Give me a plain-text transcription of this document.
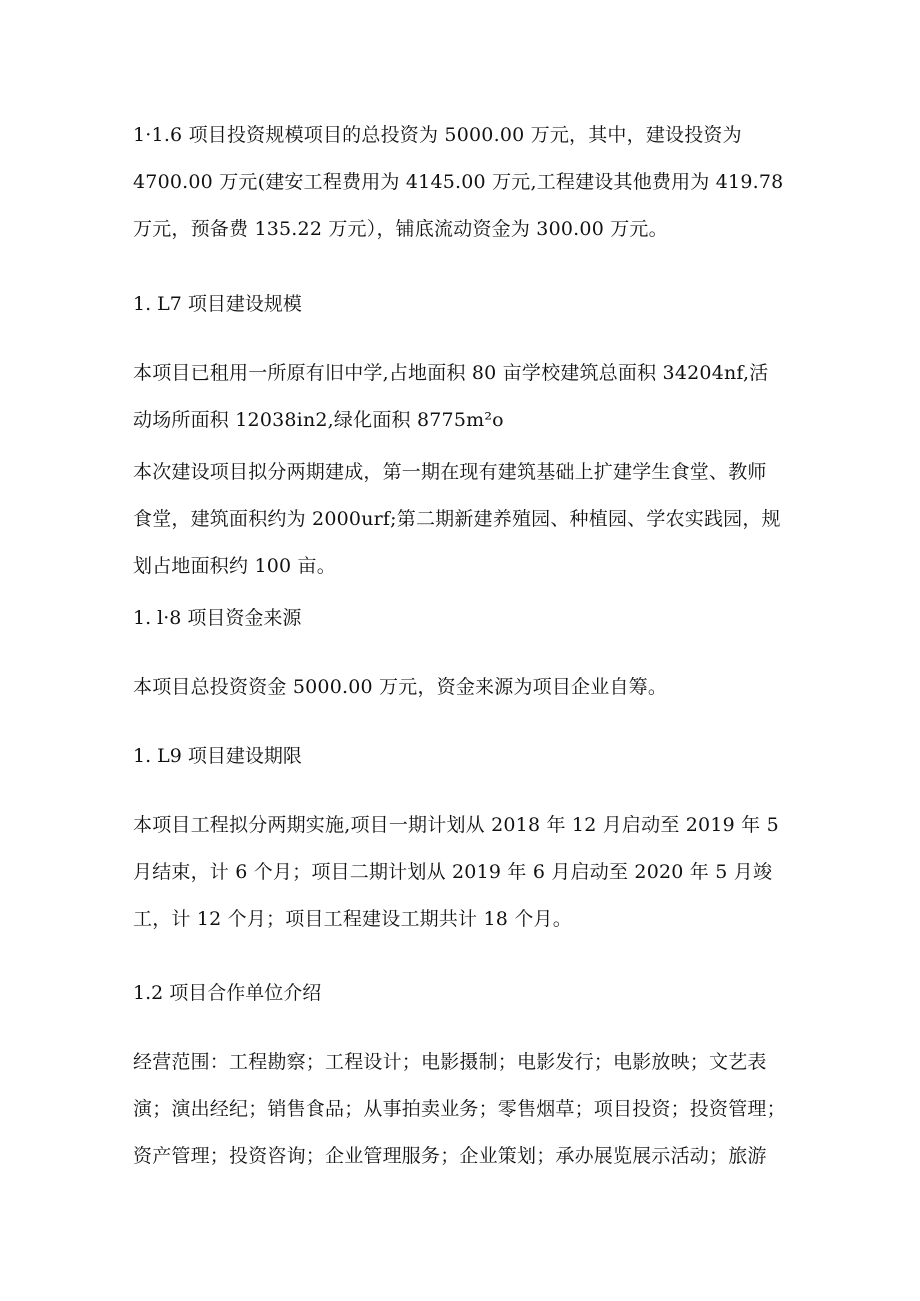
1·1.6 项目投资规模项目的总投资为 5000.00 万元，其中，建设投资为
4700.00 万元(建安工程费用为 4145.00 万元,工程建设其他费用为 419.78
万元，预备费 135.22 万元），铺底流动资金为 300.00 万元。
1. L7 项目建设规模
本项目已租用一所原有旧中学,占地面积 80 亩学校建筑总面积 34204nf,活
动场所面积 12038in2,绿化面积 8775m²o
本次建设项目拟分两期建成，第一期在现有建筑基础上扩建学生食堂、教师
食堂，建筑面积约为 2000urf;第二期新建养殖园、种植园、学农实践园，规
划占地面积约 100 亩。
1. l·8 项目资金来源
本项目总投资资金 5000.00 万元，资金来源为项目企业自筹。
1. L9 项目建设期限
本项目工程拟分两期实施,项目一期计划从 2018 年 12 月启动至 2019 年 5
月结束，计 6 个月；项目二期计划从 2019 年 6 月启动至 2020 年 5 月竣
工，计 12 个月；项目工程建设工期共计 18 个月。
1.2 项目合作单位介绍
经营范围：工程勘察；工程设计；电影摄制；电影发行；电影放映；文艺表
演；演出经纪；销售食品；从事拍卖业务；零售烟草；项目投资；投资管理；
资产管理；投资咨询；企业管理服务；企业策划；承办展览展示活动；旅游
